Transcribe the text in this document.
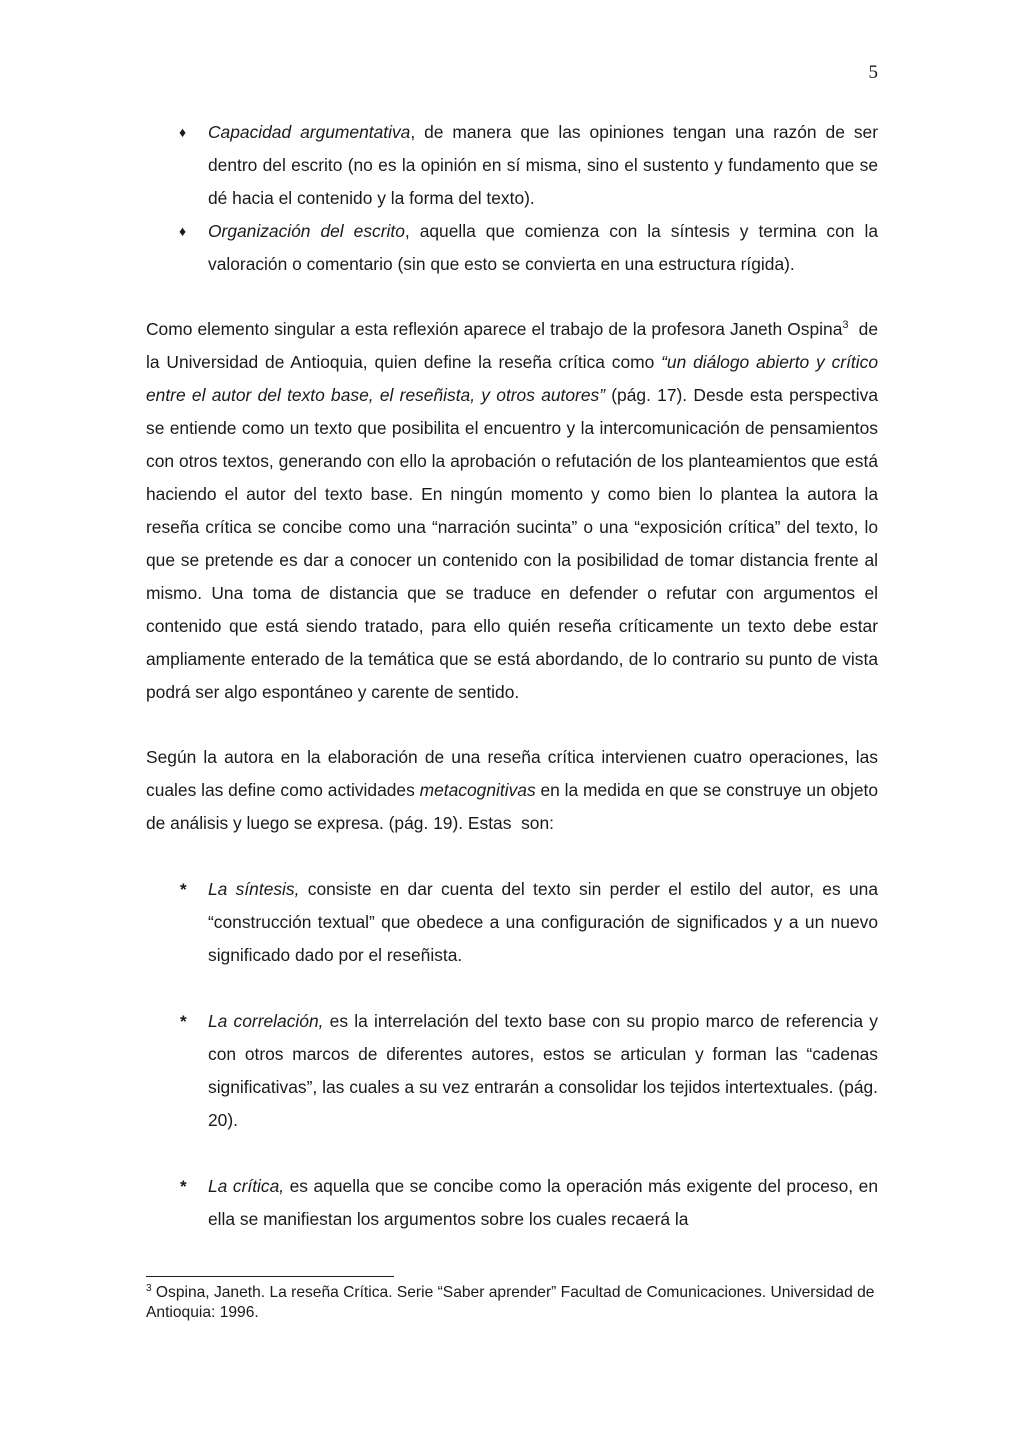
5
♦	Capacidad argumentativa, de manera que las opiniones tengan una razón de ser dentro del escrito (no es la opinión en sí misma, sino el sustento y fundamento que se dé hacia el contenido y la forma del texto).
♦	Organización del escrito, aquella que comienza con la síntesis y termina con la valoración o comentario (sin que esto se convierta en una estructura rígida).

Como elemento singular a esta reflexión aparece el trabajo de la profesora Janeth Ospina$^3$  de la Universidad de Antioquia, quien define la reseña crítica como “un diálogo abierto y crítico entre el autor del texto base, el reseñista, y otros autores” (pág. 17). Desde esta perspectiva se entiende como un texto que posibilita el encuentro y la intercomunicación de pensamientos con otros textos, generando con ello la aprobación o refutación de los planteamientos que está haciendo el autor del texto base. En ningún momento y como bien lo plantea la autora la reseña crítica se concibe como una “narración sucinta” o una “exposición crítica” del texto, lo que se pretende es dar a conocer un contenido con la posibilidad de tomar distancia frente al mismo. Una toma de distancia que se traduce en defender o refutar con argumentos el contenido que está siendo tratado, para ello quién reseña críticamente un texto debe estar ampliamente enterado de la temática que se está abordando, de lo contrario su punto de vista podrá ser algo espontáneo y carente de sentido.

Según la autora en la elaboración de una reseña crítica intervienen cuatro operaciones, las cuales las define como actividades metacognitivas en la medida en que se construye un objeto de análisis y luego se expresa. (pág. 19). Estas  son:

* La síntesis, consiste en dar cuenta del texto sin perder el estilo del autor, es una “construcción textual” que obedece a una configuración de significados y a un nuevo significado dado por el reseñista.
* La correlación, es la interrelación del texto base con su propio marco de referencia y con otros marcos de diferentes autores, estos se articulan y forman las “cadenas significativas”, las cuales a su vez entrarán a consolidar los tejidos intertextuales. (pág. 20).
* La crítica, es aquella que se concibe como la operación más exigente del proceso, en ella se manifiestan los argumentos sobre los cuales recaerá la
$^3$ Ospina, Janeth. La reseña Crítica. Serie “Saber aprender” Facultad de Comunicaciones. Universidad de Antioquia: 1996.
